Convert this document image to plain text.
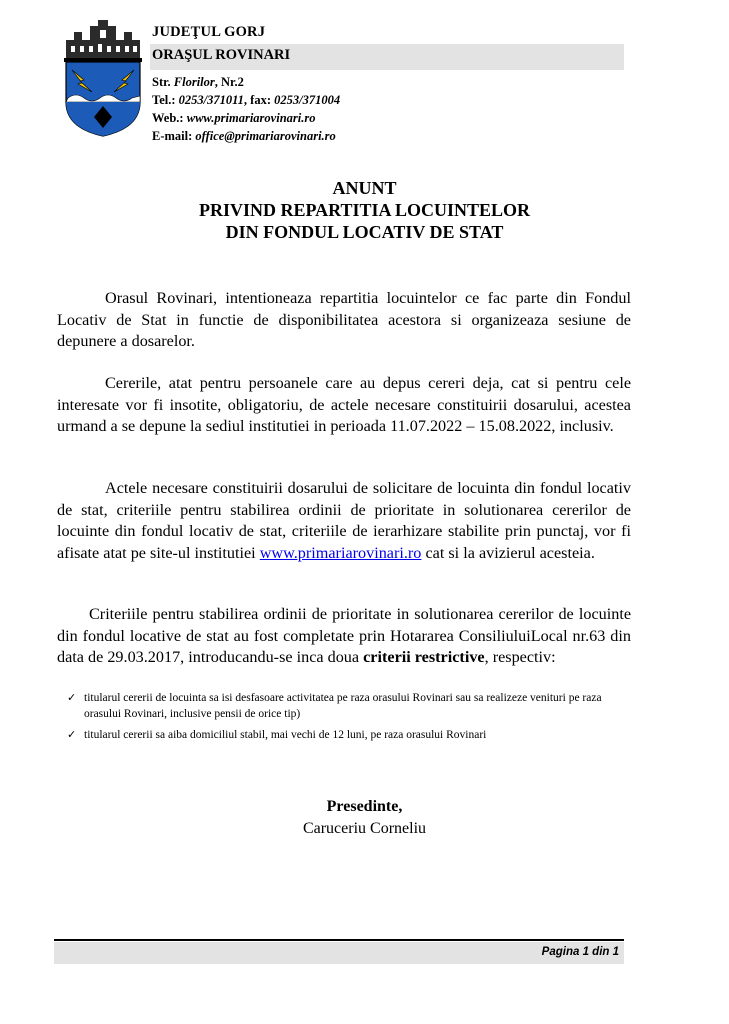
JUDEŢUL GORJ
ORAŞUL ROVINARI
Str. Florilor, Nr.2
Tel.: 0253/371011, fax: 0253/371004
Web.: www.primariarovinari.ro
E-mail: office@primariarovinari.ro
ANUNT
PRIVIND REPARTITIA LOCUINTELOR
DIN FONDUL LOCATIV DE STAT
Orasul Rovinari, intentioneaza repartitia locuintelor ce fac parte din Fondul Locativ de Stat in functie de disponibilitatea acestora si organizeaza sesiune de depunere a dosarelor.
Cererile, atat pentru persoanele care au depus cereri deja, cat si pentru cele interesate vor fi insotite, obligatoriu, de actele necesare constituirii dosarului, acestea urmand a se depune la sediul institutiei in perioada 11.07.2022 – 15.08.2022, inclusiv.
Actele necesare constituirii dosarului de solicitare de locuinta din fondul locativ de stat, criteriile pentru stabilirea ordinii de prioritate in solutionarea cererilor de locuinte din fondul locativ de stat, criteriile de ierarhizare stabilite prin punctaj, vor fi afisate atat pe site-ul institutiei www.primariarovinari.ro cat si la avizierul acesteia.
Criteriile pentru stabilirea ordinii de prioritate in solutionarea cererilor de locuinte din fondul locative de stat au fost completate prin Hotararea ConsiliuluiLocal nr.63 din data de 29.03.2017, introducandu-se inca doua criterii restrictive, respectiv:
✓ titularul cererii de locuinta sa isi desfasoare activitatea pe raza orasului Rovinari sau sa realizeze venituri pe raza orasului Rovinari, inclusive pensii de orice tip)
✓ titularul cererii sa aiba domiciliul stabil, mai vechi de 12 luni, pe raza orasului Rovinari
Presedinte,
Caruceriu Corneliu
Pagina 1 din 1
